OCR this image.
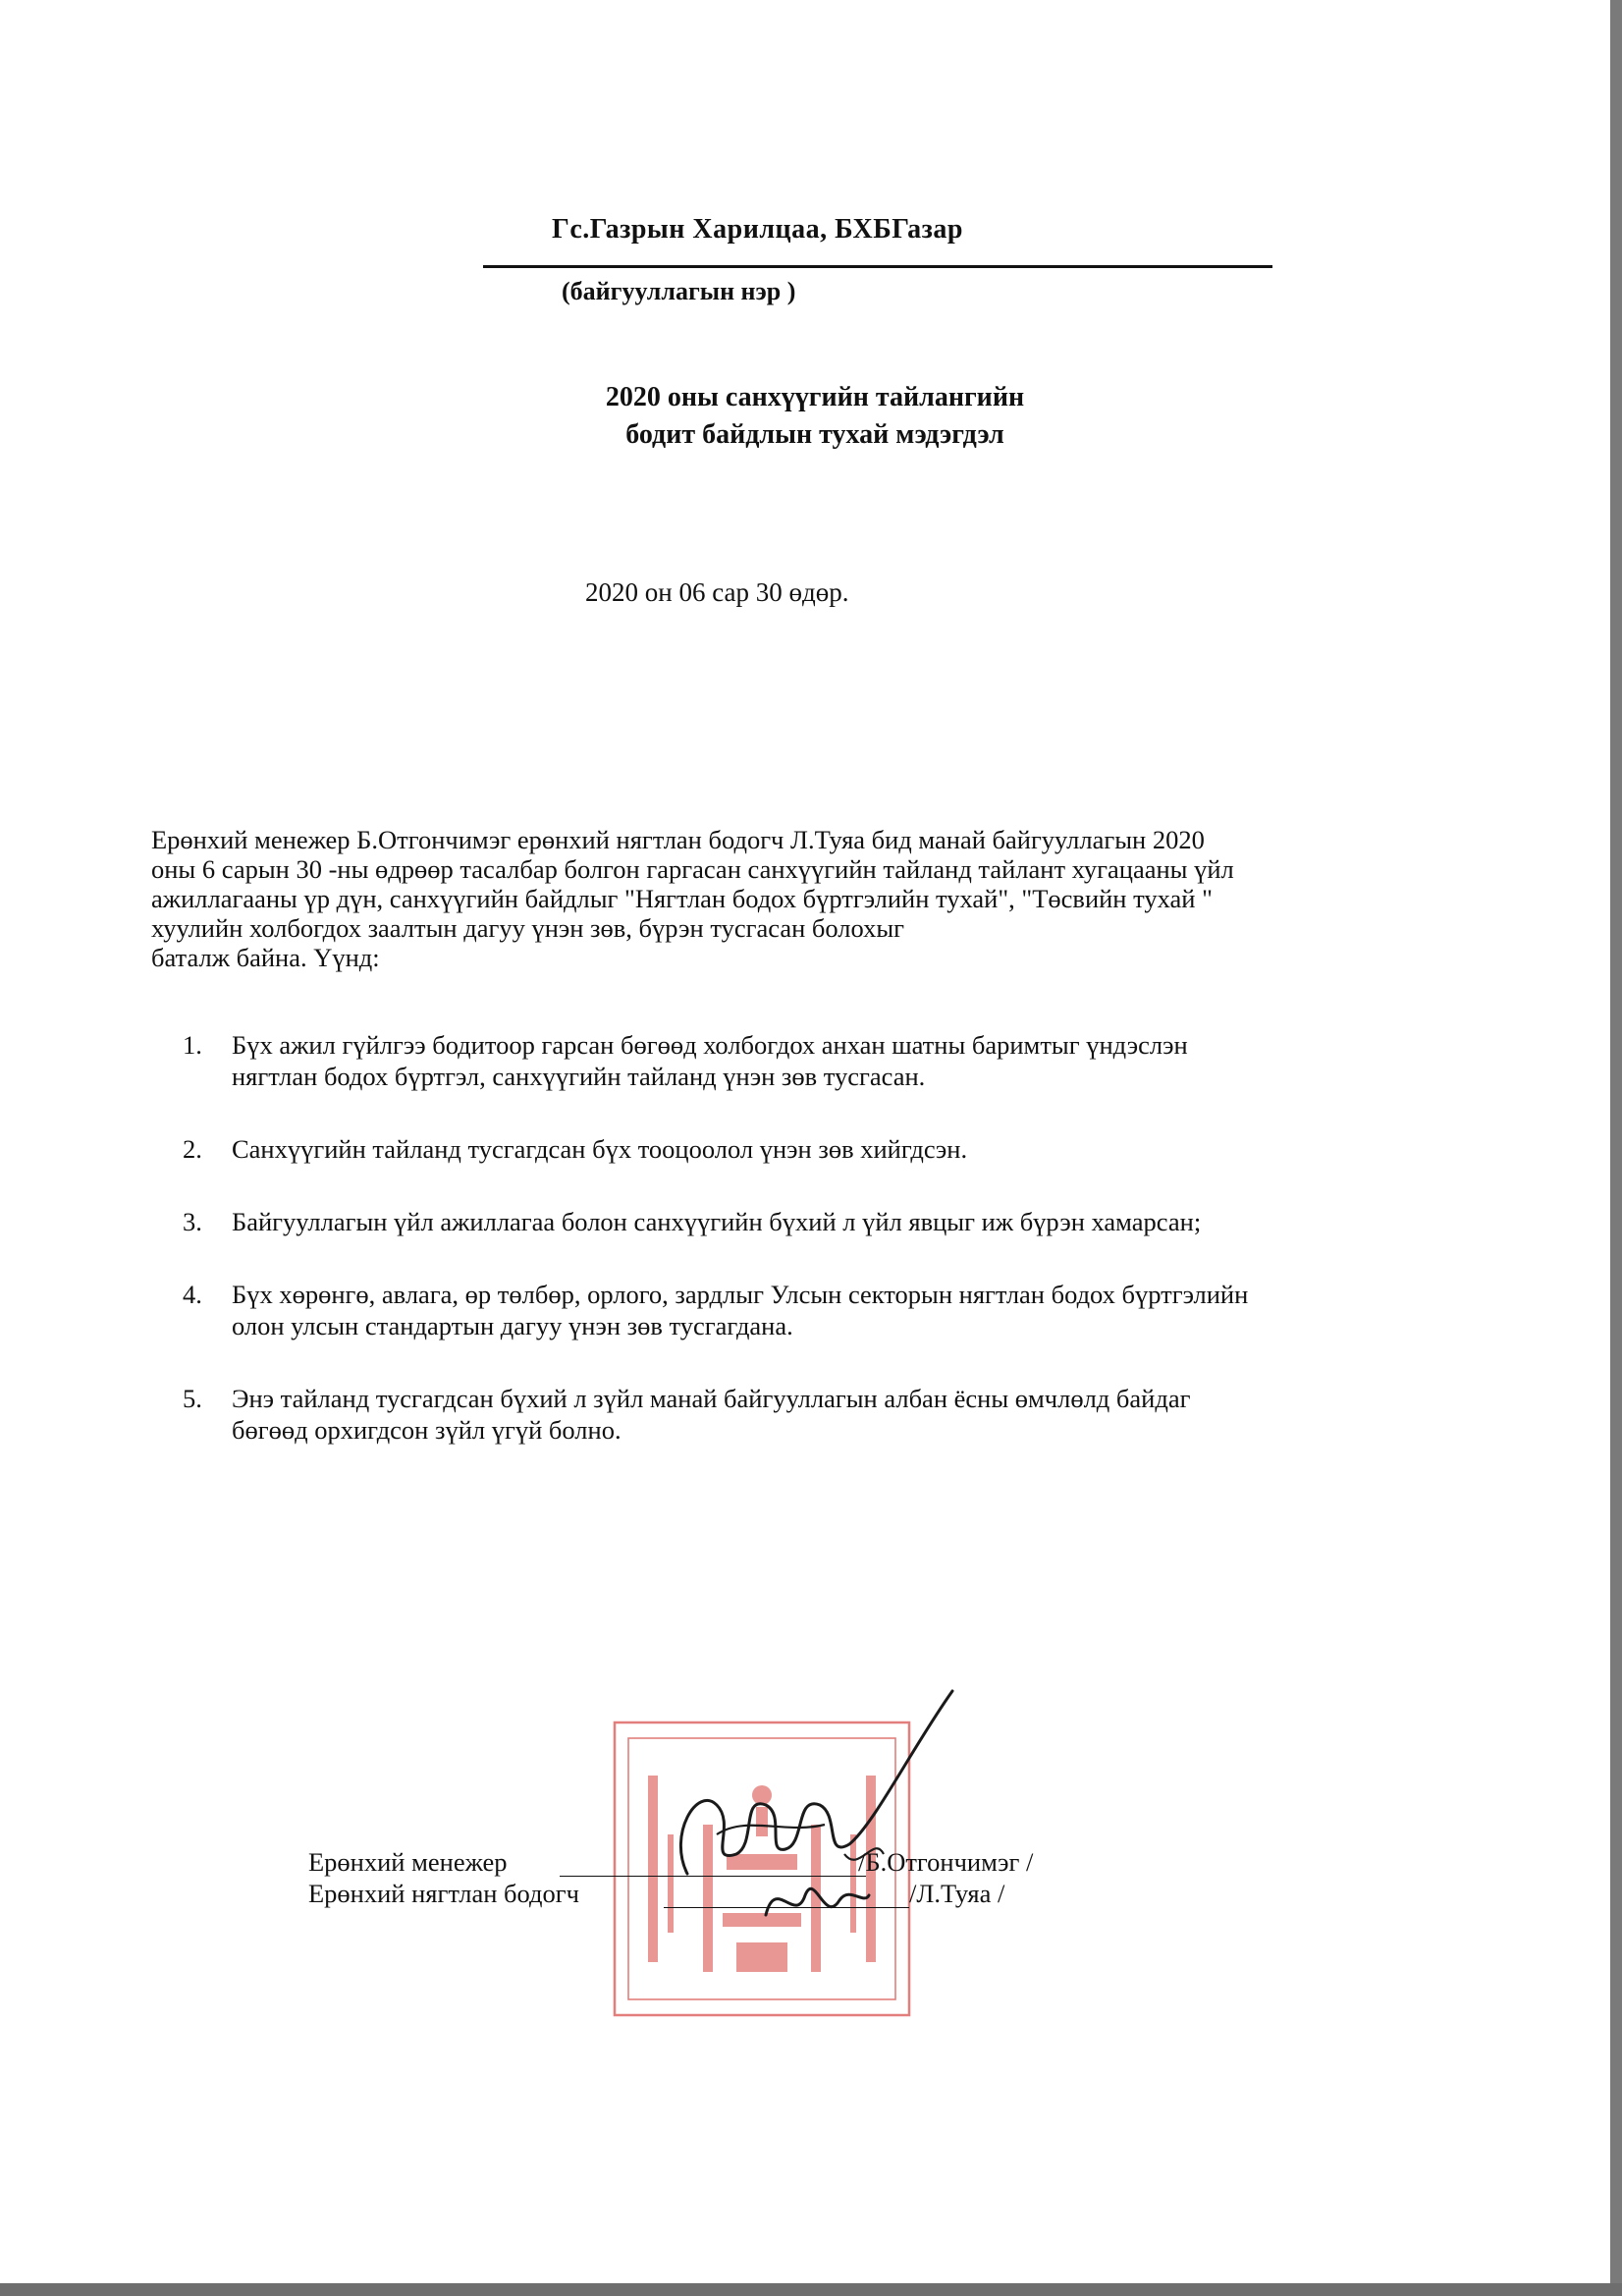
Гс.Газрын Харилцаа, БХБГазар
(байгууллагын нэр )
2020 оны санхүүгийн тайлангийн
бодит байдлын тухай мэдэгдэл
2020 он 06 сар 30 өдөр.
Ерөнхий менежер Б.Отгончимэг ерөнхий нягтлан бодогч Л.Туяа бид манай байгууллагын 2020
оны 6 сарын 30 -ны өдрөөр тасалбар болгон гаргасан санхүүгийн тайланд тайлант хугацааны үйл
ажиллагааны үр дүн, санхүүгийн байдлыг "Нягтлан бодох бүртгэлийн тухай", "Төсвийн тухай "
хуулийн холбогдох заалтын дагуу үнэн зөв, бүрэн тусгасан болохыг
баталж байна. Үүнд:
1. Бүх ажил гүйлгээ бодитоор гарсан бөгөөд холбогдох анхан шатны баримтыг үндэслэн
нягтлан бодох бүртгэл, санхүүгийн тайланд үнэн зөв тусгасан.
2. Санхүүгийн тайланд тусгагдсан бүх тооцоолол үнэн зөв хийгдсэн.
3. Байгууллагын үйл ажиллагаа болон санхүүгийн бүхий л үйл явцыг иж бүрэн хамарсан;
4. Бүх хөрөнгө, авлага, өр төлбөр, орлого, зардлыг Улсын секторын нягтлан бодох бүртгэлийн
олон улсын стандартын дагуу үнэн зөв тусгагдана.
5. Энэ тайланд тусгагдсан бүхий л зүйл манай байгууллагын албан ёсны өмчлөлд байдаг
бөгөөд орхигдсон зүйл үгүй болно.
Ерөнхий менежер	/Б.Отгончимэг /
Ерөнхий нягтлан бодогч	/Л.Туяа /
